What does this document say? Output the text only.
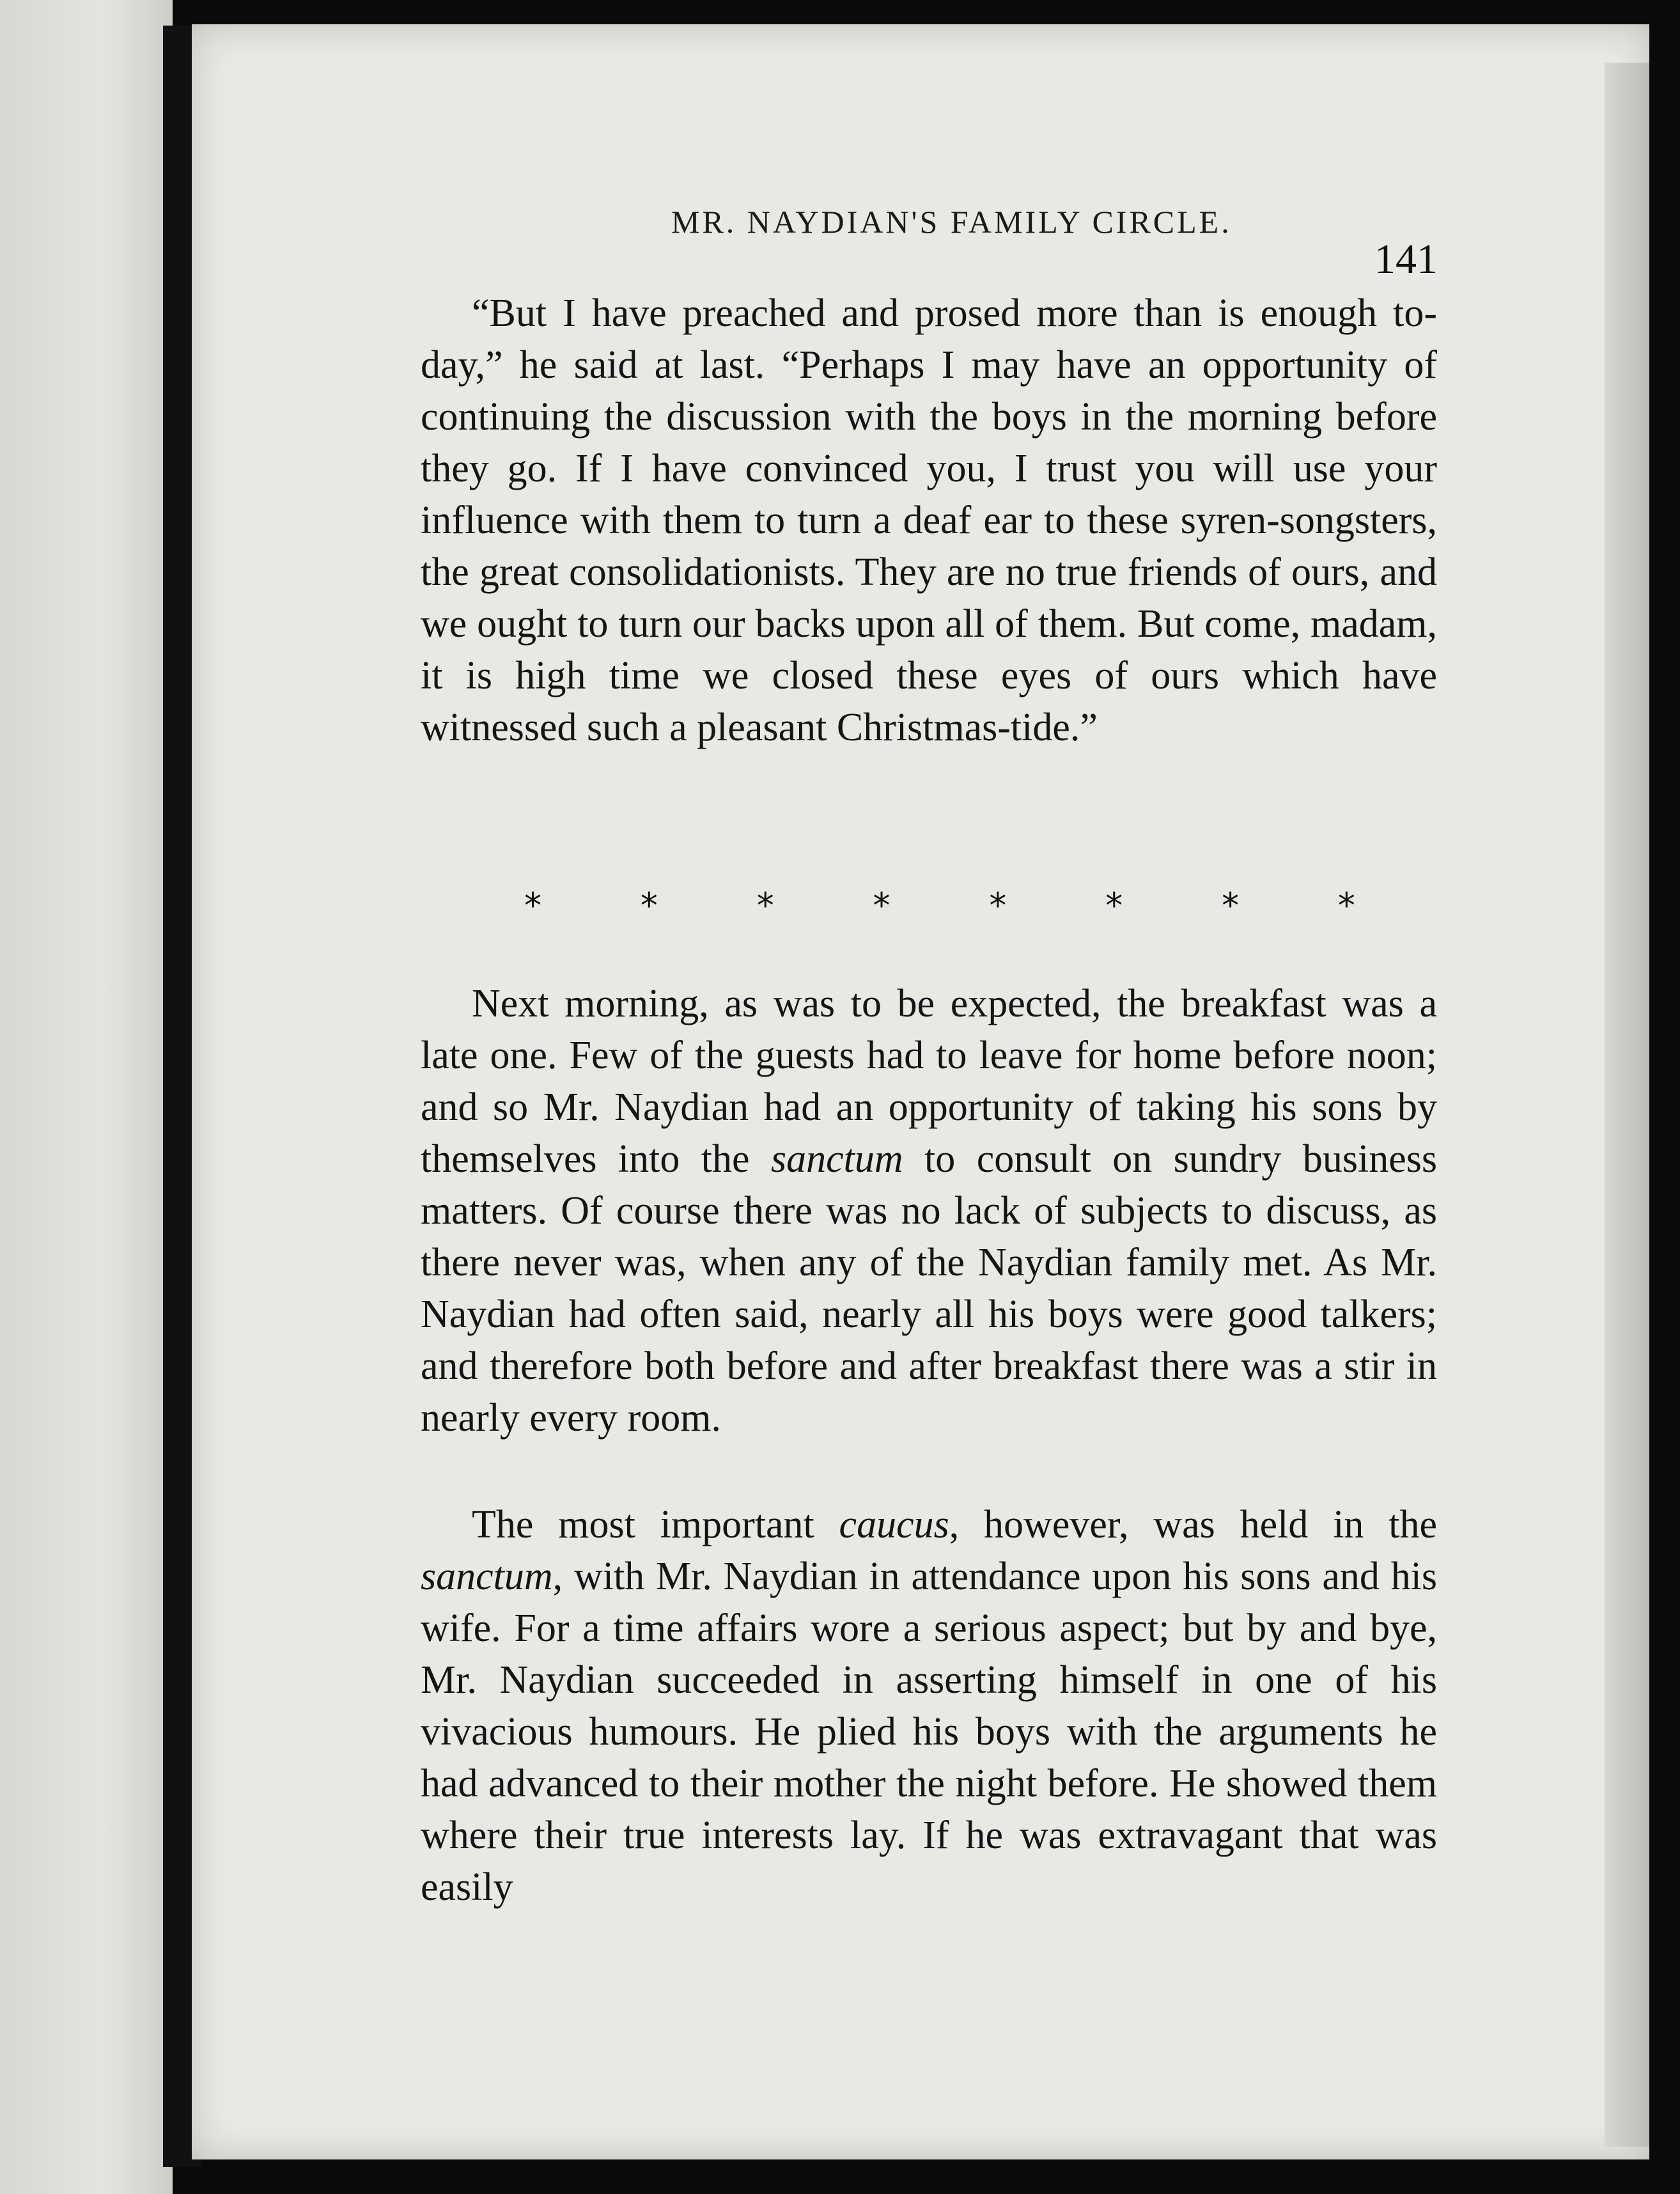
MR. NAYDIAN'S FAMILY CIRCLE.
141

“But I have preached and prosed more than is enough to-day,” he said at last. “Perhaps I may have an opportunity of continuing the discussion with the boys in the morning before they go. If I have convinced you, I trust you will use your influence with them to turn a deaf ear to these syren-songsters, the great consolidationists. They are no true friends of ours, and we ought to turn our backs upon all of them. But come, madam, it is high time we closed these eyes of ours which have witnessed such a pleasant Christmas-tide.”

*	*	*	*	*	*	*	*

Next morning, as was to be expected, the breakfast was a late one. Few of the guests had to leave for home before noon; and so Mr. Naydian had an opportunity of taking his sons by themselves into the sanctum to consult on sundry business matters. Of course there was no lack of subjects to discuss, as there never was, when any of the Naydian family met. As Mr. Naydian had often said, nearly all his boys were good talkers; and therefore both before and after breakfast there was a stir in nearly every room.

The most important caucus, however, was held in the sanctum, with Mr. Naydian in attendance upon his sons and his wife. For a time affairs wore a serious aspect; but by and bye, Mr. Naydian succeeded in asserting himself in one of his vivacious humours. He plied his boys with the arguments he had advanced to their mother the night before. He showed them where their true interests lay. If he was extravagant that was easily
